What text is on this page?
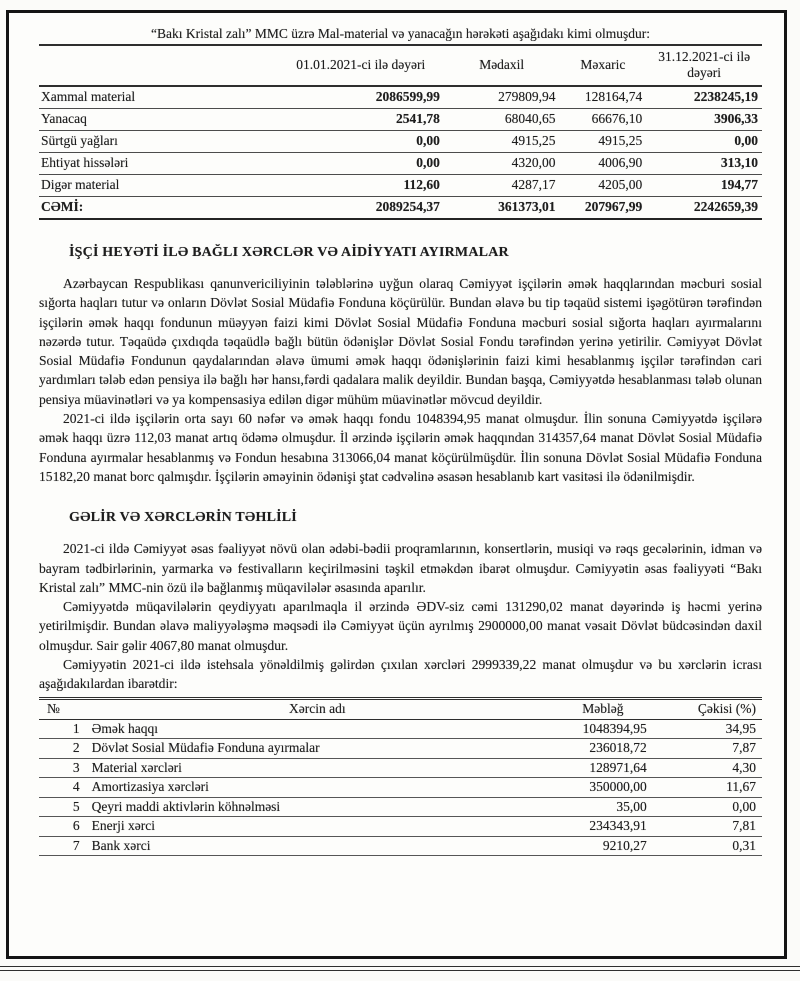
“Bakı Kristal zalı” MMC üzrə Mal-material və yanacağın hərəkəti aşağıdakı kimi olmuşdur:
	01.01.2021-ci ilə dəyəri	Mədaxil	Məxaric	31.12.2021-ci ilə dəyəri
Xammal material	2086599,99	279809,94	128164,74	2238245,19
Yanacaq	2541,78	68040,65	66676,10	3906,33
Sürtgü yağları	0,00	4915,25	4915,25	0,00
Ehtiyat hissələri	0,00	4320,00	4006,90	313,10
Digər material	112,60	4287,17	4205,00	194,77
CƏMİ:	2089254,37	361373,01	207967,99	2242659,39
İŞÇİ HEYƏTİ İLƏ BAĞLI XƏRCLƏR VƏ AİDİYYATI AYIRMALAR

Azərbaycan Respublikası qanunvericiliyinin tələblərinə uyğun olaraq Cəmiyyət işçilərin əmək haqqlarından məcburi sosial sığorta haqları tutur və onların Dövlət Sosial Müdafiə Fonduna köçürülür. Bundan əlavə bu tip təqaüd sistemi işəgötürən tərəfindən işçilərin əmək haqqı fondunun müəyyən faizi kimi Dövlət Sosial Müdafiə Fonduna məcburi sosial sığorta haqları ayırmalarını nəzərdə tutur. Təqaüdə çıxdıqda təqaüdlə bağlı bütün ödənişlər Dövlət Sosial Fondu tərəfindən yerinə yetirilir. Cəmiyyət Dövlət Sosial Müdafiə Fondunun qaydalarından əlavə ümumi əmək haqqı ödənişlərinin faizi kimi hesablanmış işçilər tərəfindən cari yardımları tələb edən pensiya ilə bağlı hər hansı,fərdi qadalara malik deyildir. Bundan başqa, Cəmiyyətdə hesablanması tələb olunan pensiya müavinətləri və ya kompensasiya edilən digər mühüm müavinətlər mövcud deyildir.

2021-ci ildə işçilərin orta sayı 60 nəfər və əmək haqqı fondu 1048394,95 manat olmuşdur. İlin sonuna Cəmiyyətdə işçilərə əmək haqqı üzrə 112,03 manat artıq ödəmə olmuşdur. İl ərzində işçilərin əmək haqqından 314357,64 manat Dövlət Sosial Müdafiə Fonduna ayırmalar hesablanmış və Fondun hesabına 313066,04 manat köçürülmüşdür. İlin sonuna Dövlət Sosial Müdafiə Fonduna 15182,20 manat borc qalmışdır. İşçilərin əməyinin ödənişi ştat cədvəlinə əsasən hesablanıb kart vasitəsi ilə ödənilmişdir.

GƏLİR VƏ XƏRCLƏRİN TƏHLİLİ

2021-ci ildə Cəmiyyət əsas fəaliyyət növü olan ədəbi-bədii proqramlarının, konsertlərin, musiqi və rəqs gecələrinin, idman və bayram tədbirlərinin, yarmarka və festivalların keçirilməsini təşkil etməkdən ibarət olmuşdur. Cəmiyyətin əsas fəaliyyəti “Bakı Kristal zalı” MMC-nin özü ilə bağlanmış müqavilələr əsasında aparılır.

Cəmiyyətdə müqavilələrin qeydiyyatı aparılmaqla il ərzində ƏDV-siz cəmi 131290,02 manat dəyərində iş həcmi yerinə yetirilmişdir. Bundan əlavə maliyyələşmə məqsədi ilə Cəmiyyət üçün ayrılmış 2900000,00 manat vəsait Dövlət büdcəsindən daxil olmuşdur. Sair gəlir 4067,80 manat olmuşdur.

Cəmiyyətin 2021-ci ildə istehsala yönəldilmiş gəlirdən çıxılan xərcləri 2999339,22 manat olmuşdur və bu xərclərin icrası aşağıdakılardan ibarətdir:

№	Xərcin adı	Məbləğ	Çəkisi (%)
1	Əmək haqqı	1048394,95	34,95
2	Dövlət Sosial Müdafiə Fonduna ayırmalar	236018,72	7,87
3	Material xərcləri	128971,64	4,30
4	Amortizasiya xərcləri	350000,00	11,67
5	Qeyri maddi aktivlərin köhnəlməsi	35,00	0,00
6	Enerji xərci	234343,91	7,81
7	Bank xərci	9210,27	0,31
